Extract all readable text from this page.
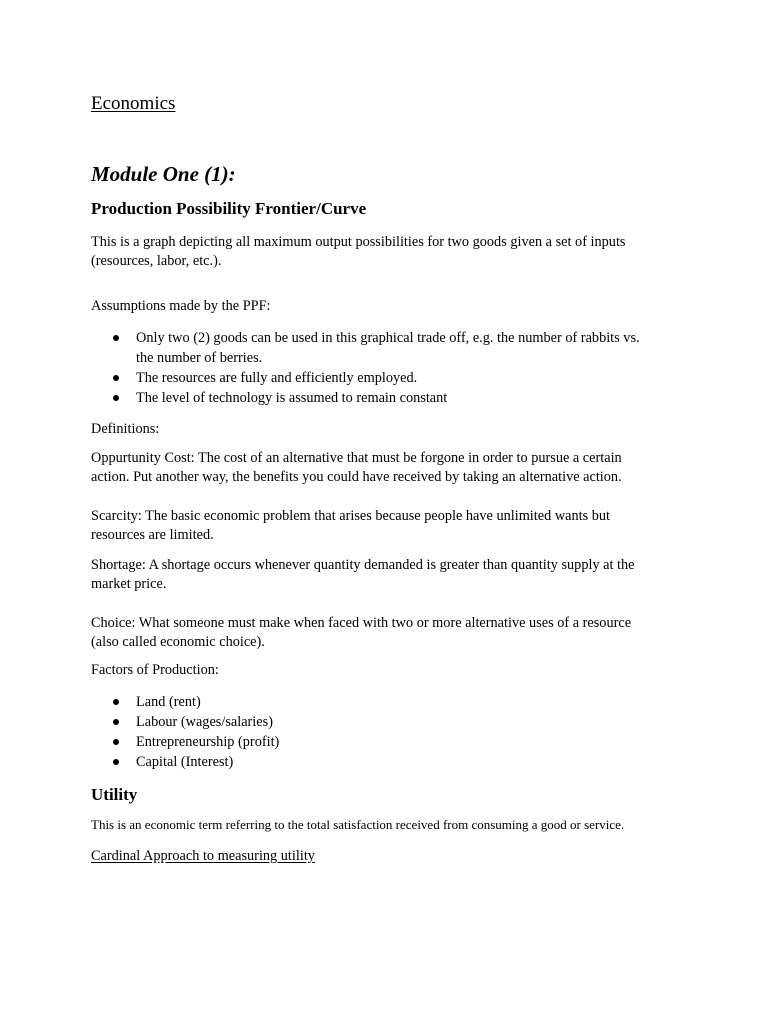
Economics

Module One (1):

Production Possibility Frontier/Curve

This is a graph depicting all maximum output possibilities for two goods given a set of inputs

(resources, labor, etc.).

Assumptions made by the PPF:

Only two (2) goods can be used in this graphical trade off, e.g. the number of rabbits vs.
the number of berries.
The resources are fully and efficiently employed.
The level of technology is assumed to remain constant

Definitions:

Oppurtunity Cost: The cost of an alternative that must be forgone in order to pursue a certain

action. Put another way, the benefits you could have received by taking an alternative action.

Scarcity: The basic economic problem that arises because people have unlimited wants but

resources are limited.

Shortage: A shortage occurs whenever quantity demanded is greater than quantity supply at the

market price.

Choice: What someone must make when faced with two or more alternative uses of a resource

(also called economic choice).

Factors of Production:

Land (rent)
Labour (wages/salaries)
Entrepreneurship (profit)
Capital (Interest)

Utility

This is an economic term referring to the total satisfaction received from consuming a good or service.

Cardinal Approach to measuring utility
